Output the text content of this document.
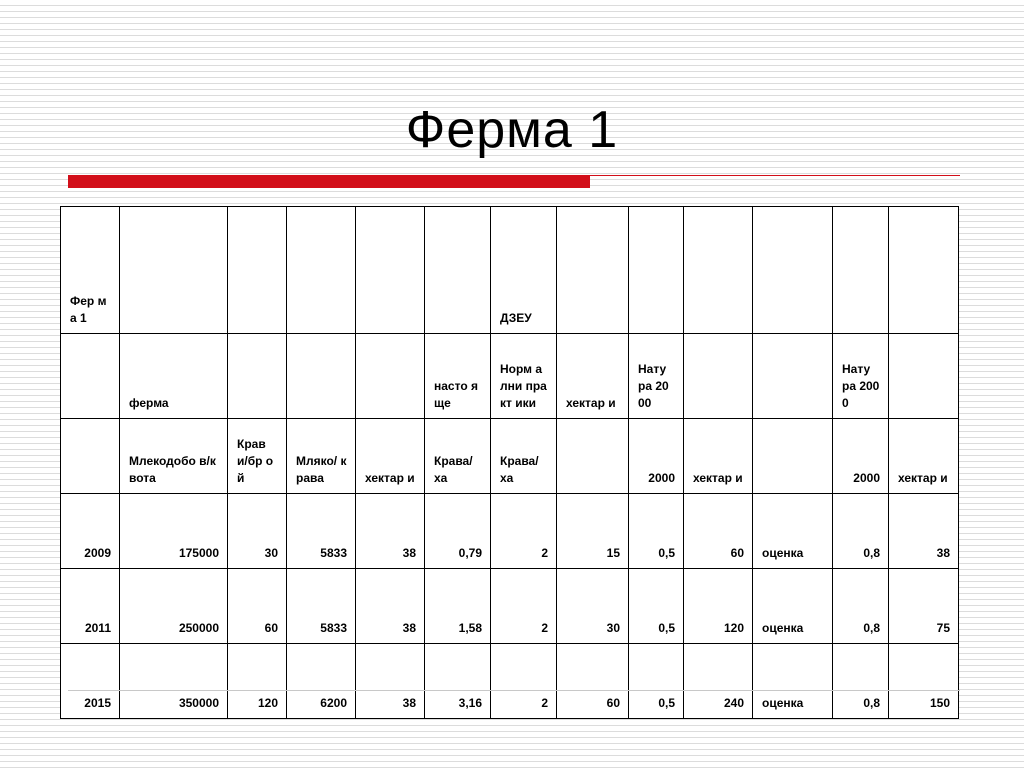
Ферма 1
Фер ма 1						ДЗЕУ						
	ферма				насто ящe	Норм ални практ ики	хектар и	Нату ра 2000			Нату ра 2000	
	Млекодобо в/квота	Крав и/бр ой	Мляко/ крава	хектар и	Крава/ ха	Крава/ ха		2000	хектар и		2000	хектар и
2009	175000	30	5833	38	0,79	2	15	0,5	60	оценка	0,8	38
2011	250000	60	5833	38	1,58	2	30	0,5	120	оценка	0,8	75
2015	350000	120	6200	38	3,16	2	60	0,5	240	оценка	0,8	150
